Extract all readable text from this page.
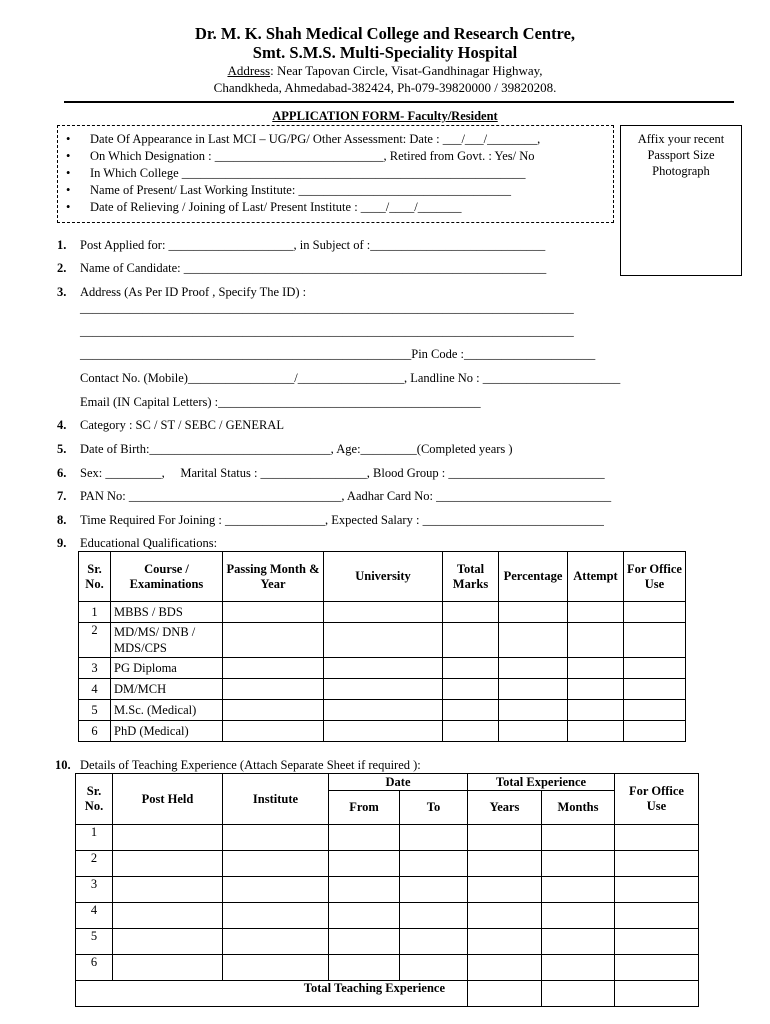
Dr. M. K. Shah Medical College and Research Centre,
Smt. S.M.S. Multi-Speciality Hospital
Address: Near Tapovan Circle, Visat-Gandhinagar Highway,
Chandkheda, Ahmedabad-382424, Ph-079-39820000 / 39820208.
APPLICATION FORM- Faculty/Resident
• Date Of Appearance in Last MCI – UG/PG/ Other Assessment: Date : ___/___/________,
• On Which Designation : ___________________________, Retired from Govt. : Yes/ No
• In Which College _______________________________________________________
• Name of Present/ Last Working Institute: __________________________________
• Date of Relieving / Joining of Last/ Present Institute : ____/____/_______
Affix your recent
Passport Size
Photograph
1. Post Applied for: ____________________, in Subject of :____________________________
2. Name of Candidate: __________________________________________________________
3. Address (As Per ID Proof , Specify The ID) :
_______________________________________________________________________________
_______________________________________________________________________________
_____________________________________________________Pin Code :_____________________
Contact No. (Mobile)_________________/_________________, Landline No : ______________________
Email (IN Capital Letters) :__________________________________________
4. Category : SC / ST / SEBC / GENERAL
5. Date of Birth:_____________________________, Age:_________(Completed years )
6. Sex: _________,     Marital Status : _________________, Blood Group : _________________________
7. PAN No: __________________________________, Aadhar Card No: ____________________________
8. Time Required For Joining : ________________, Expected Salary : _____________________________
9. Educational Qualifications:
Sr. No.	Course / Examinations	Passing Month & Year	University	Total Marks	Percentage	Attempt	For Office Use
1	MBBS / BDS						
2	MD/MS/ DNB / MDS/CPS						
3	PG Diploma						
4	DM/MCH						
5	M.Sc. (Medical)						
6	PhD (Medical)						
10. Details of Teaching Experience (Attach Separate Sheet if required ):
Sr. No.	Post Held	Institute	Date		Total Experience		For Office Use
			From	To	Years	Months	
1							
2							
3							
4							
5							
6							
Total Teaching Experience							
